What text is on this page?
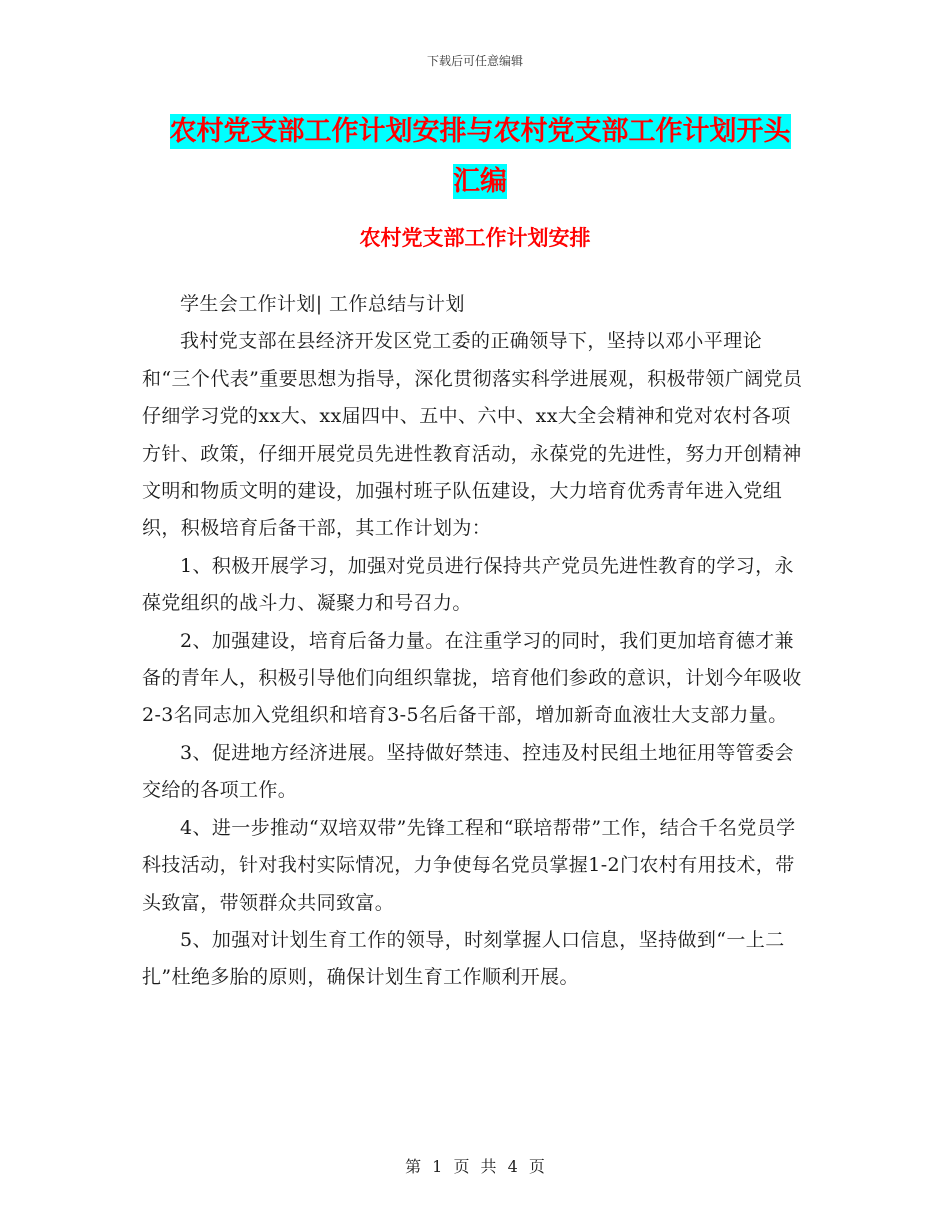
下载后可任意编辑
农村党支部工作计划安排与农村党支部工作计划开头
汇编
农村党支部工作计划安排

学生会工作计划| 工作总结与计划

我村党支部在县经济开发区党工委的正确领导下，坚持以邓小平理论和“三个代表”重要思想为指导，深化贯彻落实科学进展观，积极带领广阔党员仔细学习党的xx大、xx届四中、五中、六中、xx大全会精神和党对农村各项方针、政策，仔细开展党员先进性教育活动，永葆党的先进性，努力开创精神文明和物质文明的建设，加强村班子队伍建设，大力培育优秀青年进入党组织，积极培育后备干部，其工作计划为：

1、积极开展学习，加强对党员进行保持共产党员先进性教育的学习，永葆党组织的战斗力、凝聚力和号召力。

2、加强建设，培育后备力量。在注重学习的同时，我们更加培育德才兼备的青年人，积极引导他们向组织靠拢，培育他们参政的意识，计划今年吸收2-3名同志加入党组织和培育3-5名后备干部，增加新奇血液壮大支部力量。

3、促进地方经济进展。坚持做好禁违、控违及村民组土地征用等管委会交给的各项工作。

4、进一步推动“双培双带”先锋工程和“联培帮带”工作，结合千名党员学科技活动，针对我村实际情况，力争使每名党员掌握1-2门农村有用技术，带头致富，带领群众共同致富。

5、加强对计划生育工作的领导，时刻掌握人口信息，坚持做到“一上二扎”杜绝多胎的原则，确保计划生育工作顺利开展。

第 1 页 共 4 页
